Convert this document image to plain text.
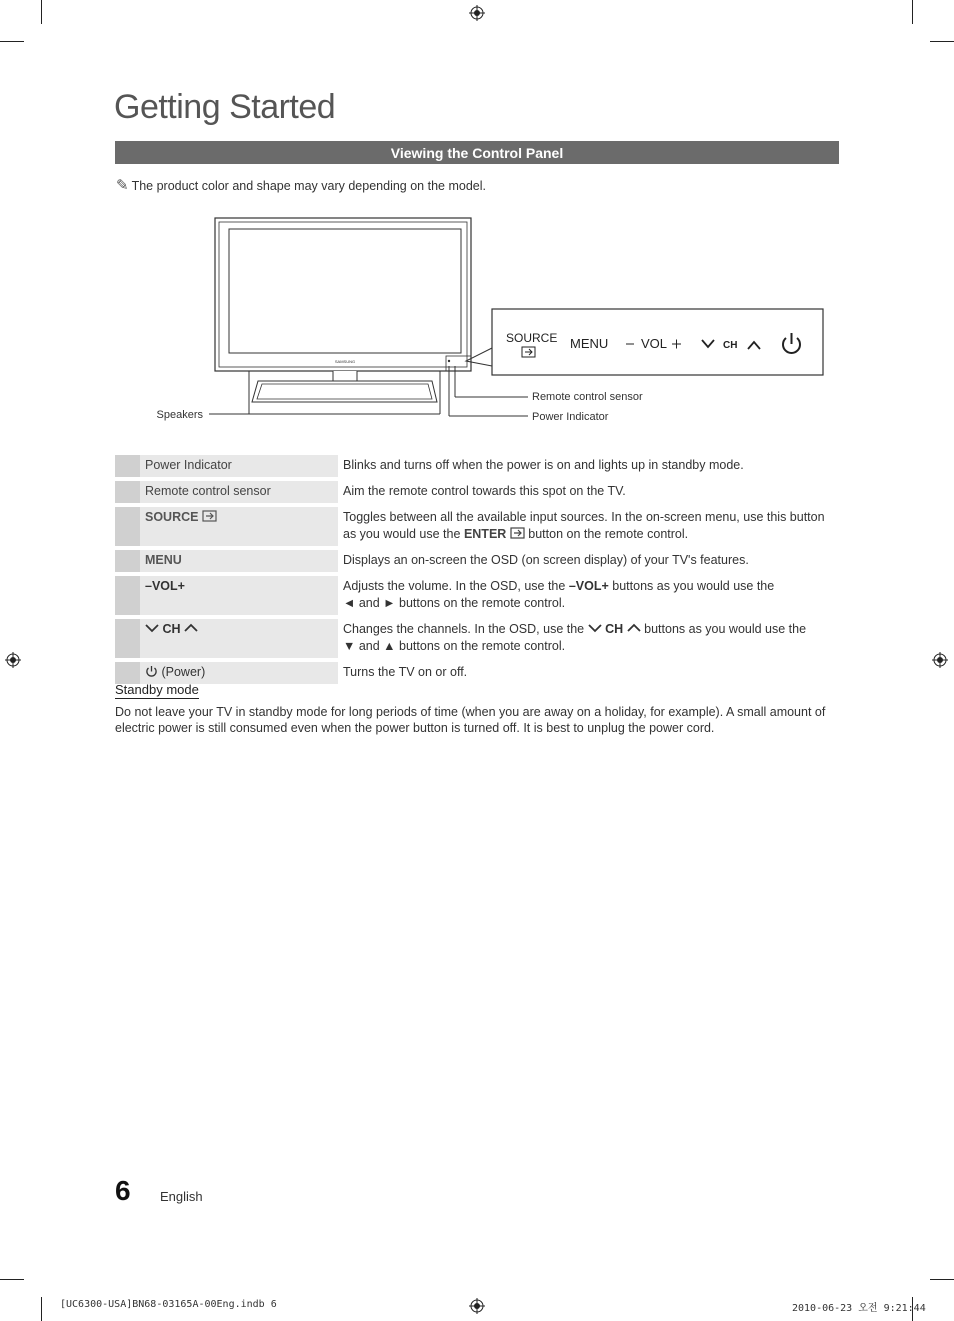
Getting Started
Viewing the Control Panel
✎ The product color and shape may vary depending on the model.
SAMSUNG
Speakers
Remote control sensor
Power Indicator
SOURCE MENU	VOL	CH
	Power Indicator	Blinks and turns off when the power is on and lights up in standby mode.
	Remote control sensor	Aim the remote control towards this spot on the TV.
	SOURCE	Toggles between all the available input sources. In the on-screen menu, use this button as you would use the ENTER button on the remote control.
	MENU	Displays an on-screen the OSD (on screen display) of your TV's features.
	–VOL+	Adjusts the volume. In the OSD, use the –VOL+ buttons as you would use the
◄ and ► buttons on the remote control.
	CH	Changes the channels. In the OSD, use the CH buttons as you would use the
▼ and ▲ buttons on the remote control.
	(Power)	Turns the TV on or off.
Standby mode
Do not leave your TV in standby mode for long periods of time (when you are away on a holiday, for example). A small amount of electric power is still consumed even when the power button is turned off. It is best to unplug the power cord.
6 English
[UC6300-USA]BN68-03165A-00Eng.indb 6	2010-06-23 오전 9:21:44
